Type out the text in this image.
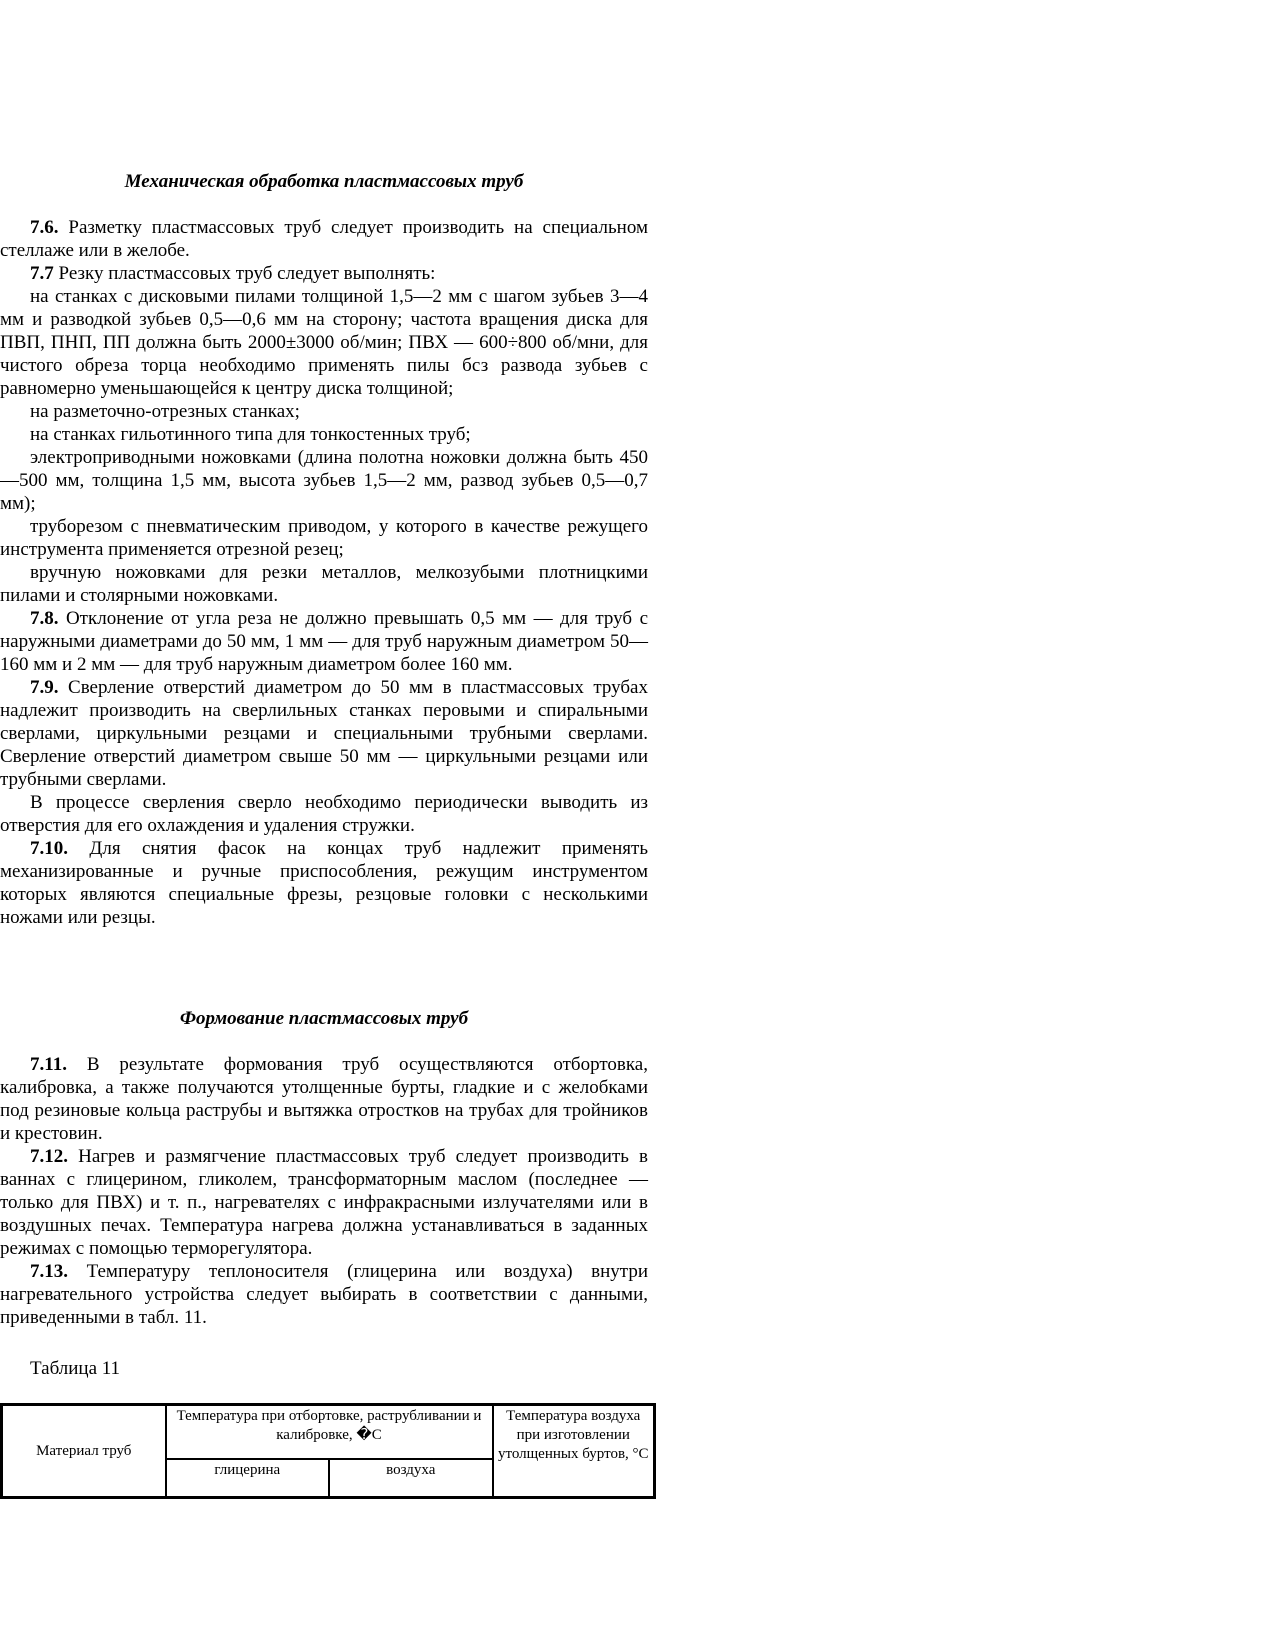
Механическая обработка пластмассовых труб

7.6. Разметку пластмассовых труб следует производить на специальном стеллаже или в желобе.

7.7 Резку пластмассовых труб следует выполнять:

на станках с дисковыми пилами толщиной 1,5—2 мм с шагом зубьев 3—4 мм и разводкой зубьев 0,5—0,6 мм на сторону; частота вращения диска для ПВП, ПНП, ПП должна быть 2000±3000 об/мин; ПВХ — 600÷800 об/мни, для чистого обреза торца необходимо применять пилы бсз развода зубьев с равномерно уменьшающейся к центру диска толщиной;

на разметочно-отрезных станках;

на станках гильотинного типа для тонкостенных труб;

электроприводными ножовками (длина полотна ножовки должна быть 450—500 мм, толщина 1,5 мм, высота зубьев 1,5—2 мм, развод зубьев 0,5—0,7 мм);

труборезом с пневматическим приводом, у которого в качестве режущего инструмента применяется отрезной резец;

вручную ножовками для резки металлов, мелкозубыми плотницкими пилами и столярными ножовками.

7.8. Отклонение от угла реза не должно превышать 0,5 мм — для труб с наружными диаметрами до 50 мм, 1 мм — для труб наружным диаметром 50—160 мм и 2 мм — для труб наружным диаметром более 160 мм.

7.9. Сверление отверстий диаметром до 50 мм в пластмассовых трубах надлежит производить на сверлильных станках перовыми и спиральными сверлами, циркульными резцами и специальными трубными сверлами. Сверление отверстий диаметром свыше 50 мм — циркульными резцами или трубными сверлами.

В процессе сверления сверло необходимо периодически выводить из отверстия для его охлаждения и удаления стружки.

7.10. Для снятия фасок на концах труб надлежит применять механизированные и ручные приспособления, режущим инструментом которых являются специальные фрезы, резцовые головки с несколькими ножами или резцы.

Формование пластмассовых труб

7.11. В результате формования труб осуществляются отбортовка, калибровка, а также получаются утолщенные бурты, гладкие и с желобками под резиновые кольца раструбы и вытяжка отростков на трубах для тройников и крестовин.

7.12. Нагрев и размягчение пластмассовых труб следует производить в ваннах с глицерином, гликолем, трансформаторным маслом (последнее — только для ПВХ) и т. п., нагревателях с инфракрасными излучателями или в воздушных печах. Температура нагрева должна устанавливаться в заданных режимах с помощью терморегулятора.

7.13. Температуру теплоносителя (глицерина или воздуха) внутри нагревательного устройства следует выбирать в соответствии с данными, приведенными в табл. 11.

Таблица 11

Материал труб	Температура при отбортовке, раструбливании и калибровке, �С		Температура воздуха при изготовлении утолщенных буртов, °С
	глицерина	воздуха	
